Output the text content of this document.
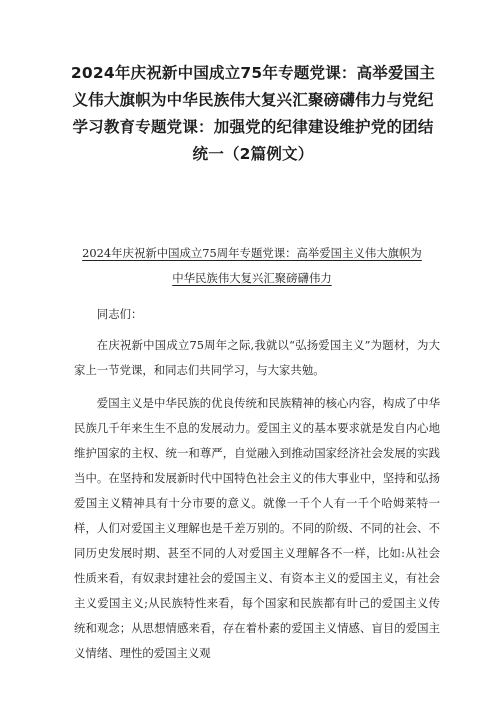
2024年庆祝新中国成立75年专题党课：高举爱国主义伟大旗帜为中华民族伟大复兴汇聚磅礴伟力与党纪学习教育专题党课：加强党的纪律建设维护党的团结统一（2篇例文）
2024年庆祝新中国成立75周年专题党课：高举爱国主义伟大旗帜为
中华民族伟大复兴汇聚磅礴伟力

同志们：

在庆祝新中国成立75周年之际,我就以“弘扬爱国主义”为题材，为大家上一节党课，和同志们共同学习，与大家共勉。

爱国主义是中华民族的优良传统和民族精神的核心内容，构成了中华民族几千年来生生不息的发展动力。爱国主义的基本要求就是发自内心地维护国家的主权、统一和尊严，自觉融入到推动国家经济社会发展的实践当中。在坚持和发展新时代中国特色社会主义的伟大事业中，坚持和弘扬爱国主义精神具有十分市要的意义。就像一千个人有一千个哈姆莱特一样，人们对爱国主义理解也是千差万别的。不同的阶级、不同的社会、不同历史发展时期、甚至不同的人对爱国主义理解各不一样，比如:从社会性质来看，有奴隶封建社会的爱国主义、有资本主义的爱国主义，有社会主义爱国主义;从民族特性来看，每个国家和民族都有旪己的爱国主义传统和观念；从思想情感来看，存在着朴素的爱国主义情感、盲目的爱国主义情绪、理性的爱国主义观
